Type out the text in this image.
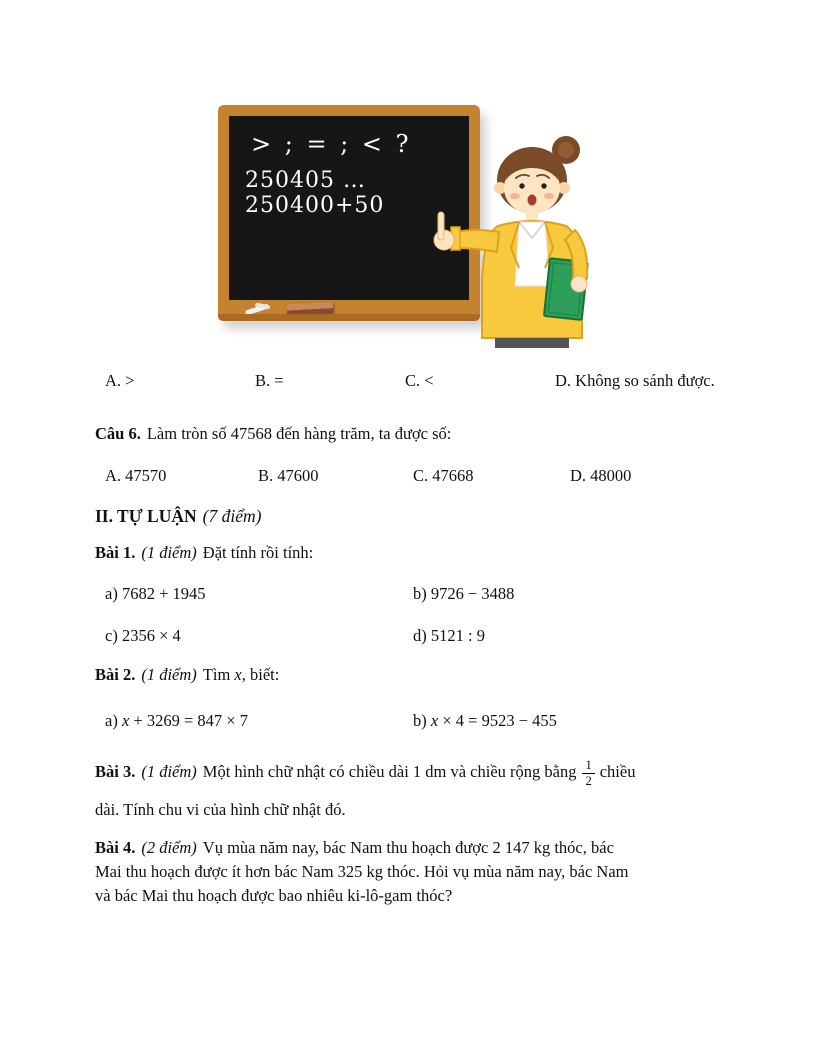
> ; = ; < ?
250405 … 250400+50
A. >	B. =	C. <	D. Không so sánh được.
Câu 6. Làm tròn số 47568 đến hàng trăm, ta được số:
A. 47570	B. 47600	C. 47668	D. 48000
II. TỰ LUẬN (7 điểm)
Bài 1. (1 điểm) Đặt tính rồi tính:
a) 7682 + 1945	b) 9726 − 3488
c) 2356 × 4	d) 5121 : 9
Bài 2. (1 điểm) Tìm x, biết:
a) x + 3269 = 847 × 7	b) x × 4 = 9523 − 455
Bài 3. (1 điểm) Một hình chữ nhật có chiều dài 1 dm và chiều rộng bằng $\frac{1}{2}$ chiều
dài. Tính chu vi của hình chữ nhật đó.
Bài 4. (2 điểm) Vụ mùa năm nay, bác Nam thu hoạch được 2 147 kg thóc, bác
Mai thu hoạch được ít hơn bác Nam 325 kg thóc. Hỏi vụ mùa năm nay, bác Nam
và bác Mai thu hoạch được bao nhiêu ki-lô-gam thóc?
